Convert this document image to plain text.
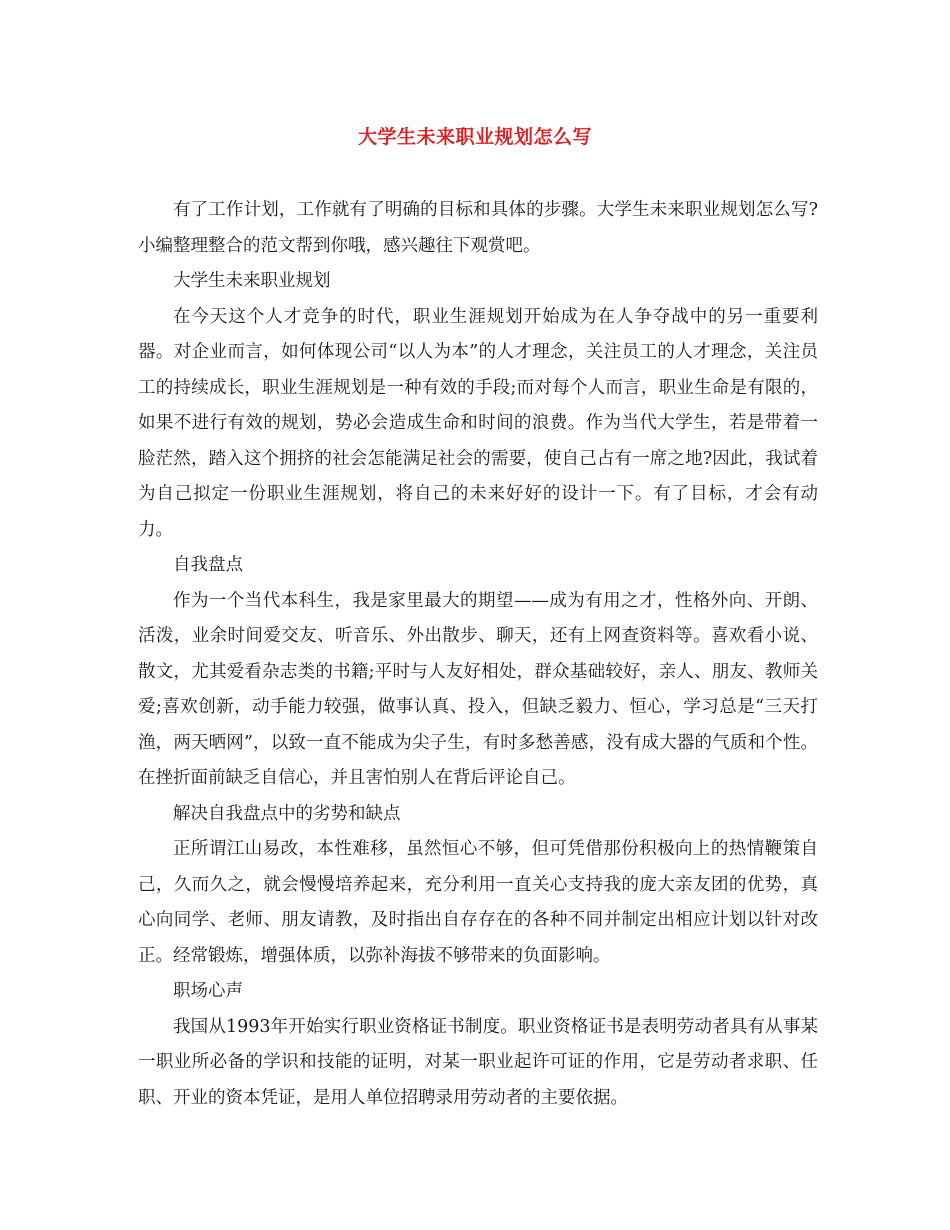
大学生未来职业规划怎么写

有了工作计划，工作就有了明确的目标和具体的步骤。大学生未来职业规划怎么写?小编整理整合的范文帮到你哦，感兴趣往下观赏吧。

大学生未来职业规划

在今天这个人才竞争的时代，职业生涯规划开始成为在人争夺战中的另一重要利器。对企业而言，如何体现公司“以人为本”的人才理念，关注员工的人才理念，关注员工的持续成长，职业生涯规划是一种有效的手段;而对每个人而言，职业生命是有限的，如果不进行有效的规划，势必会造成生命和时间的浪费。作为当代大学生，若是带着一脸茫然，踏入这个拥挤的社会怎能满足社会的需要，使自己占有一席之地?因此，我试着为自己拟定一份职业生涯规划，将自己的未来好好的设计一下。有了目标，才会有动力。

自我盘点

作为一个当代本科生，我是家里最大的期望——成为有用之才，性格外向、开朗、活泼，业余时间爱交友、听音乐、外出散步、聊天，还有上网查资料等。喜欢看小说、散文，尤其爱看杂志类的书籍;平时与人友好相处，群众基础较好，亲人、朋友、教师关爱;喜欢创新，动手能力较强，做事认真、投入，但缺乏毅力、恒心，学习总是“三天打渔，两天晒网”，以致一直不能成为尖子生，有时多愁善感，没有成大器的气质和个性。在挫折面前缺乏自信心，并且害怕别人在背后评论自己。

解决自我盘点中的劣势和缺点

正所谓江山易改，本性难移，虽然恒心不够，但可凭借那份积极向上的热情鞭策自己，久而久之，就会慢慢培养起来，充分利用一直关心支持我的庞大亲友团的优势，真心向同学、老师、朋友请教，及时指出自存存在的各种不同并制定出相应计划以针对改正。经常锻炼，增强体质，以弥补海拔不够带来的负面影响。

职场心声

我国从1993年开始实行职业资格证书制度。职业资格证书是表明劳动者具有从事某一职业所必备的学识和技能的证明，对某一职业起许可证的作用，它是劳动者求职、任职、开业的资本凭证，是用人单位招聘录用劳动者的主要依据。
